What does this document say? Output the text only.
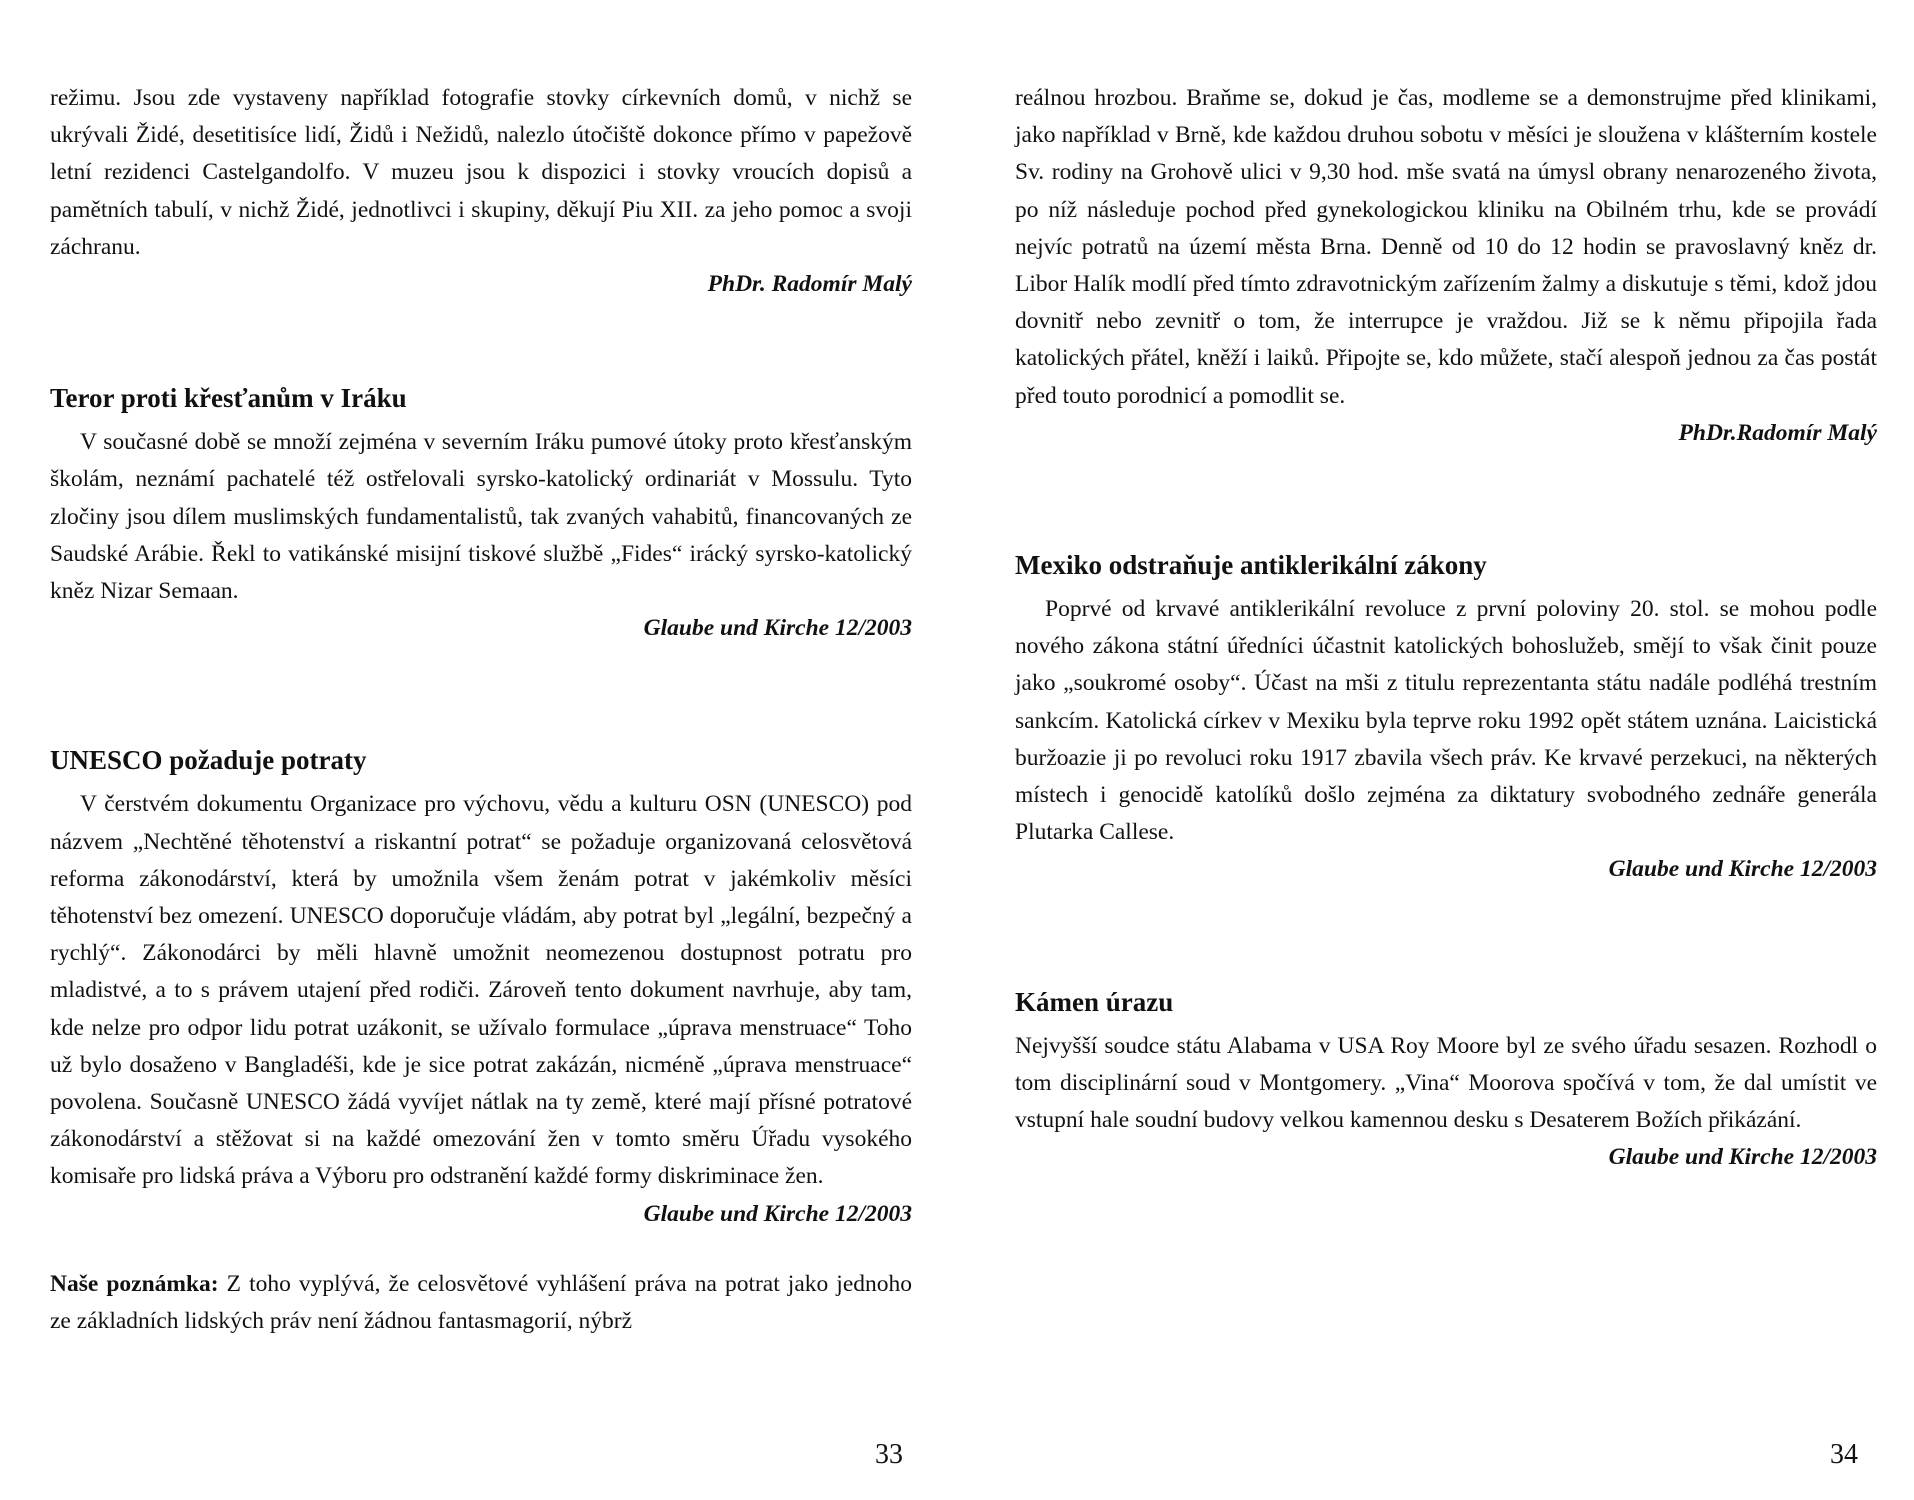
režimu. Jsou zde vystaveny například fotografie stovky církevních domů, v nichž se ukrývali Židé, desetitisíce lidí, Židů i Nežidů, nalezlo útočiště dokonce přímo v papežově letní rezidenci Castelgandolfo. V muzeu jsou k dispozici i stovky vroucích dopisů a pamětních tabulí, v nichž Židé, jednotlivci i skupiny, děkují Piu XII. za jeho pomoc a svoji záchranu.

PhDr. Radomír Malý
Teror proti křesťanům v Iráku

V současné době se množí zejména v severním Iráku pumové útoky proto křesťanským školám, neznámí pachatelé též ostřelovali syrsko-katolický ordinariát v Mossulu. Tyto zločiny jsou dílem muslimských fundamentalistů, tak zvaných vahabitů, financovaných ze Saudské Arábie. Řekl to vatikánské misijní tiskové službě „Fides“ irácký syrsko-katolický kněz Nizar Semaan.

Glaube und Kirche 12/2003
UNESCO požaduje potraty

V čerstvém dokumentu Organizace pro výchovu, vědu a kulturu OSN (UNESCO) pod názvem „Nechtěné těhotenství a riskantní potrat“ se požaduje organizovaná celosvětová reforma zákonodárství, která by umožnila všem ženám potrat v jakémkoliv měsíci těhotenství bez omezení. UNESCO doporučuje vládám, aby potrat byl „legální, bezpečný a rychlý“. Zákonodárci by měli hlavně umožnit neomezenou dostupnost potratu pro mladistvé, a to s právem utajení před rodiči. Zároveň tento dokument navrhuje, aby tam, kde nelze pro odpor lidu potrat uzákonit, se užívalo formulace „úprava menstruace“ Toho už bylo dosaženo v Bangladéši, kde je sice potrat zakázán, nicméně „úprava menstruace“ povolena. Současně UNESCO žádá vyvíjet nátlak na ty země, které mají přísné potratové zákonodárství a stěžovat si na každé omezování žen v tomto směru Úřadu vysokého komisaře pro lidská práva a Výboru pro odstranění každé formy diskriminace žen.

Glaube und Kirche 12/2003

Naše poznámka: Z toho vyplývá, že celosvětové vyhlášení práva na potrat jako jednoho ze základních lidských práv není žádnou fantasmagorií, nýbrž

33

reálnou hrozbou. Braňme se, dokud je čas, modleme se a demonstrujme před klinikami, jako například v Brně, kde každou druhou sobotu v měsíci je sloužena v klášterním kostele Sv. rodiny na Grohově ulici v 9,30 hod. mše svatá na úmysl obrany nenarozeného života, po níž následuje pochod před gynekologickou kliniku na Obilném trhu, kde se provádí nejvíc potratů na území města Brna. Denně od 10 do 12 hodin se pravoslavný kněz dr. Libor Halík modlí před tímto zdravotnickým zařízením žalmy a diskutuje s těmi, kdož jdou dovnitř nebo zevnitř o tom, že interrupce je vraždou. Již se k němu připojila řada katolických přátel, kněží i laiků. Připojte se, kdo můžete, stačí alespoň jednou za čas postát před touto porodnicí a pomodlit se.

PhDr.Radomír Malý
Mexiko odstraňuje antiklerikální zákony

Poprvé od krvavé antiklerikální revoluce z první poloviny 20. stol. se mohou podle nového zákona státní úředníci účastnit katolických bohoslužeb, smějí to však činit pouze jako „soukromé osoby“. Účast na mši z titulu reprezentanta státu nadále podléhá trestním sankcím. Katolická církev v Mexiku byla teprve roku 1992 opět státem uznána. Laicistická buržoazie ji po revoluci roku 1917 zbavila všech práv. Ke krvavé perzekuci, na některých místech i genocidě katolíků došlo zejména za diktatury svobodného zednáře generála Plutarka Callese.

Glaube und Kirche 12/2003
Kámen úrazu

Nejvyšší soudce státu Alabama v USA Roy Moore byl ze svého úřadu sesazen. Rozhodl o tom disciplinární soud v Montgomery. „Vina“ Moorova spočívá v tom, že dal umístit ve vstupní hale soudní budovy velkou kamennou desku s Desaterem Božích přikázání.

Glaube und Kirche 12/2003
34
